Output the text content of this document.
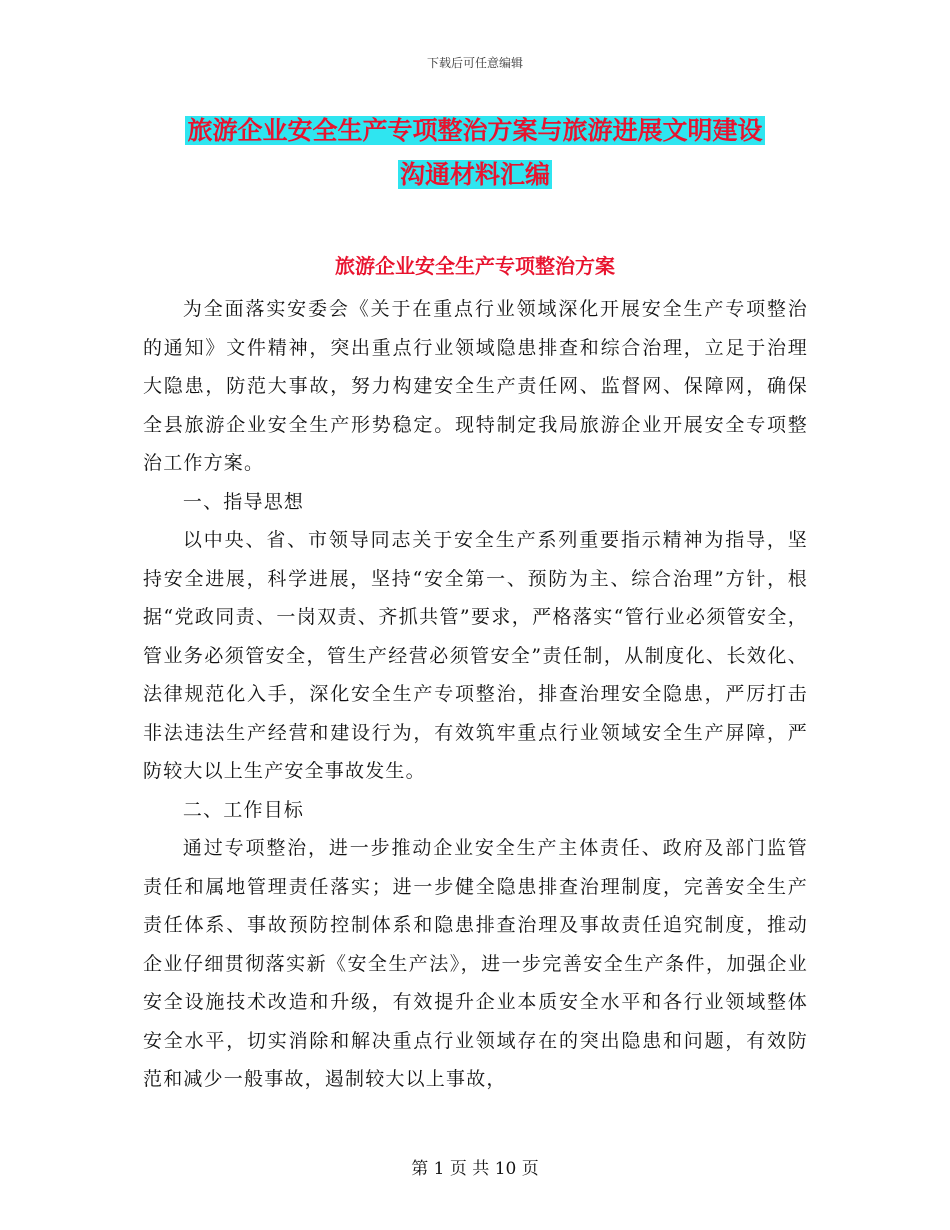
下载后可任意编辑
旅游企业安全生产专项整治方案与旅游进展文明建设
沟通材料汇编
旅游企业安全生产专项整治方案

为全面落实安委会《关于在重点行业领域深化开展安全生产专项整治的通知》文件精神，突出重点行业领域隐患排查和综合治理，立足于治理大隐患，防范大事故，努力构建安全生产责任网、监督网、保障网，确保全县旅游企业安全生产形势稳定。现特制定我局旅游企业开展安全专项整治工作方案。

一、指导思想

以中央、省、市领导同志关于安全生产系列重要指示精神为指导，坚持安全进展，科学进展，坚持“安全第一、预防为主、综合治理”方针，根据“党政同责、一岗双责、齐抓共管”要求，严格落实“管行业必须管安全，管业务必须管安全，管生产经营必须管安全”责任制，从制度化、长效化、法律规范化入手，深化安全生产专项整治，排查治理安全隐患，严厉打击非法违法生产经营和建设行为，有效筑牢重点行业领域安全生产屏障，严防较大以上生产安全事故发生。

二、工作目标

通过专项整治，进一步推动企业安全生产主体责任、政府及部门监管责任和属地管理责任落实；进一步健全隐患排查治理制度，完善安全生产责任体系、事故预防控制体系和隐患排查治理及事故责任追究制度，推动企业仔细贯彻落实新《安全生产法》，进一步完善安全生产条件，加强企业安全设施技术改造和升级，有效提升企业本质安全水平和各行业领域整体安全水平，切实消除和解决重点行业领域存在的突出隐患和问题，有效防范和减少一般事故，遏制较大以上事故，

第 1 页 共 10 页
